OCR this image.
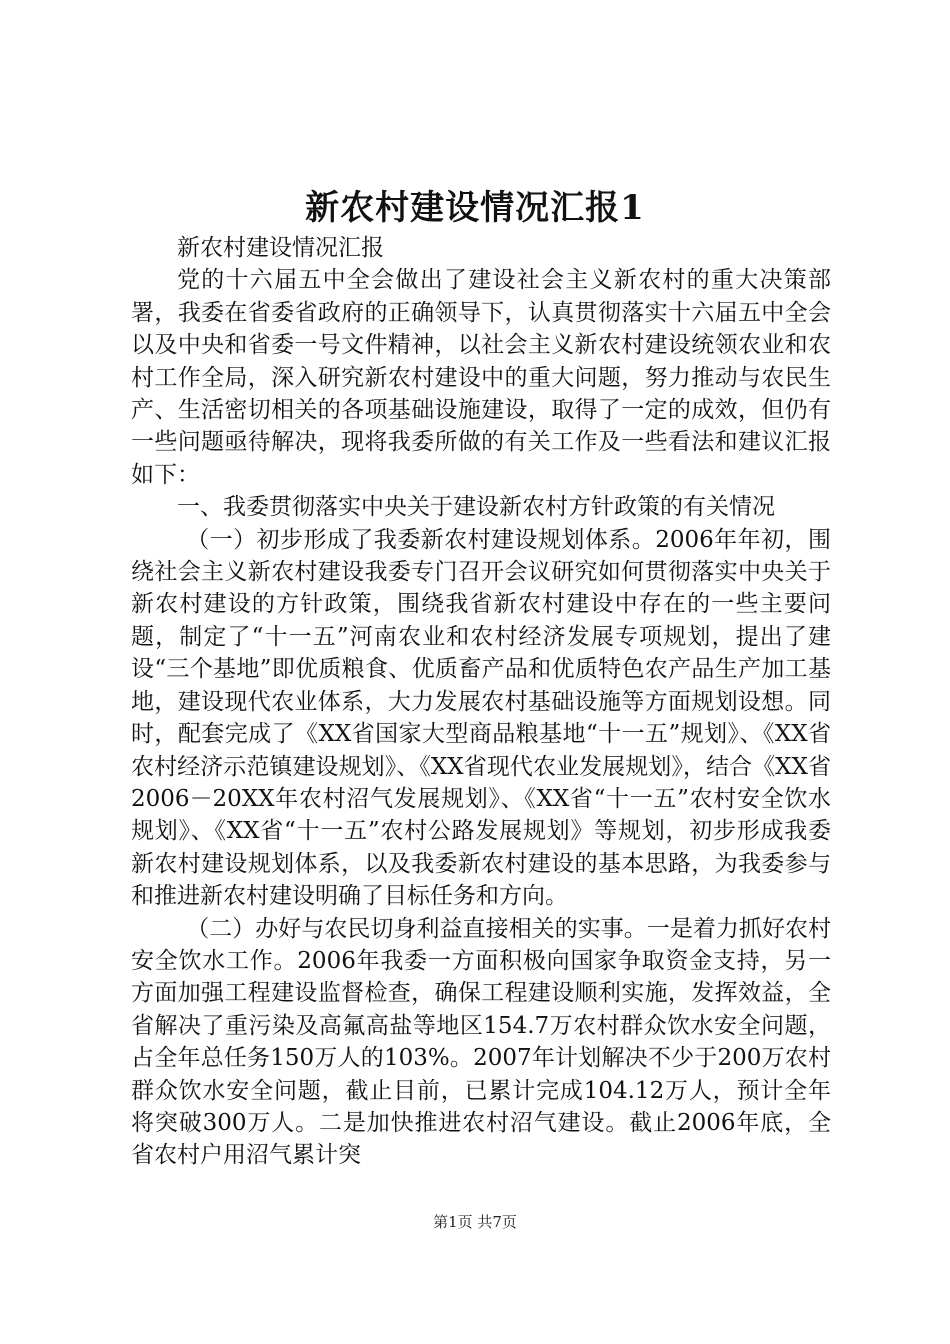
新农村建设情况汇报1

新农村建设情况汇报

党的十六届五中全会做出了建设社会主义新农村的重大决策部署，我委在省委省政府的正确领导下，认真贯彻落实十六届五中全会以及中央和省委一号文件精神，以社会主义新农村建设统领农业和农村工作全局，深入研究新农村建设中的重大问题，努力推动与农民生产、生活密切相关的各项基础设施建设，取得了一定的成效，但仍有一些问题亟待解决，现将我委所做的有关工作及一些看法和建议汇报如下：

一、我委贯彻落实中央关于建设新农村方针政策的有关情况

（一）初步形成了我委新农村建设规划体系。2006年年初，围绕社会主义新农村建设我委专门召开会议研究如何贯彻落实中央关于新农村建设的方针政策，围绕我省新农村建设中存在的一些主要问题，制定了“十一五”河南农业和农村经济发展专项规划，提出了建设“三个基地”即优质粮食、优质畜产品和优质特色农产品生产加工基地，建设现代农业体系，大力发展农村基础设施等方面规划设想。同时，配套完成了《XX省国家大型商品粮基地“十一五”规划》、《XX省农村经济示范镇建设规划》、《XX省现代农业发展规划》，结合《XX省2006－20XX年农村沼气发展规划》、《XX省“十一五”农村安全饮水规划》、《XX省“十一五”农村公路发展规划》等规划，初步形成我委新农村建设规划体系，以及我委新农村建设的基本思路，为我委参与和推进新农村建设明确了目标任务和方向。

（二）办好与农民切身利益直接相关的实事。一是着力抓好农村安全饮水工作。2006年我委一方面积极向国家争取资金支持，另一方面加强工程建设监督检查，确保工程建设顺利实施，发挥效益，全省解决了重污染及高氟高盐等地区154.7万农村群众饮水安全问题，占全年总任务150万人的103%。2007年计划解决不少于200万农村群众饮水安全问题，截止目前，已累计完成104.12万人，预计全年将突破300万人。二是加快推进农村沼气建设。截止2006年底，全省农村户用沼气累计突

第1页 共7页
